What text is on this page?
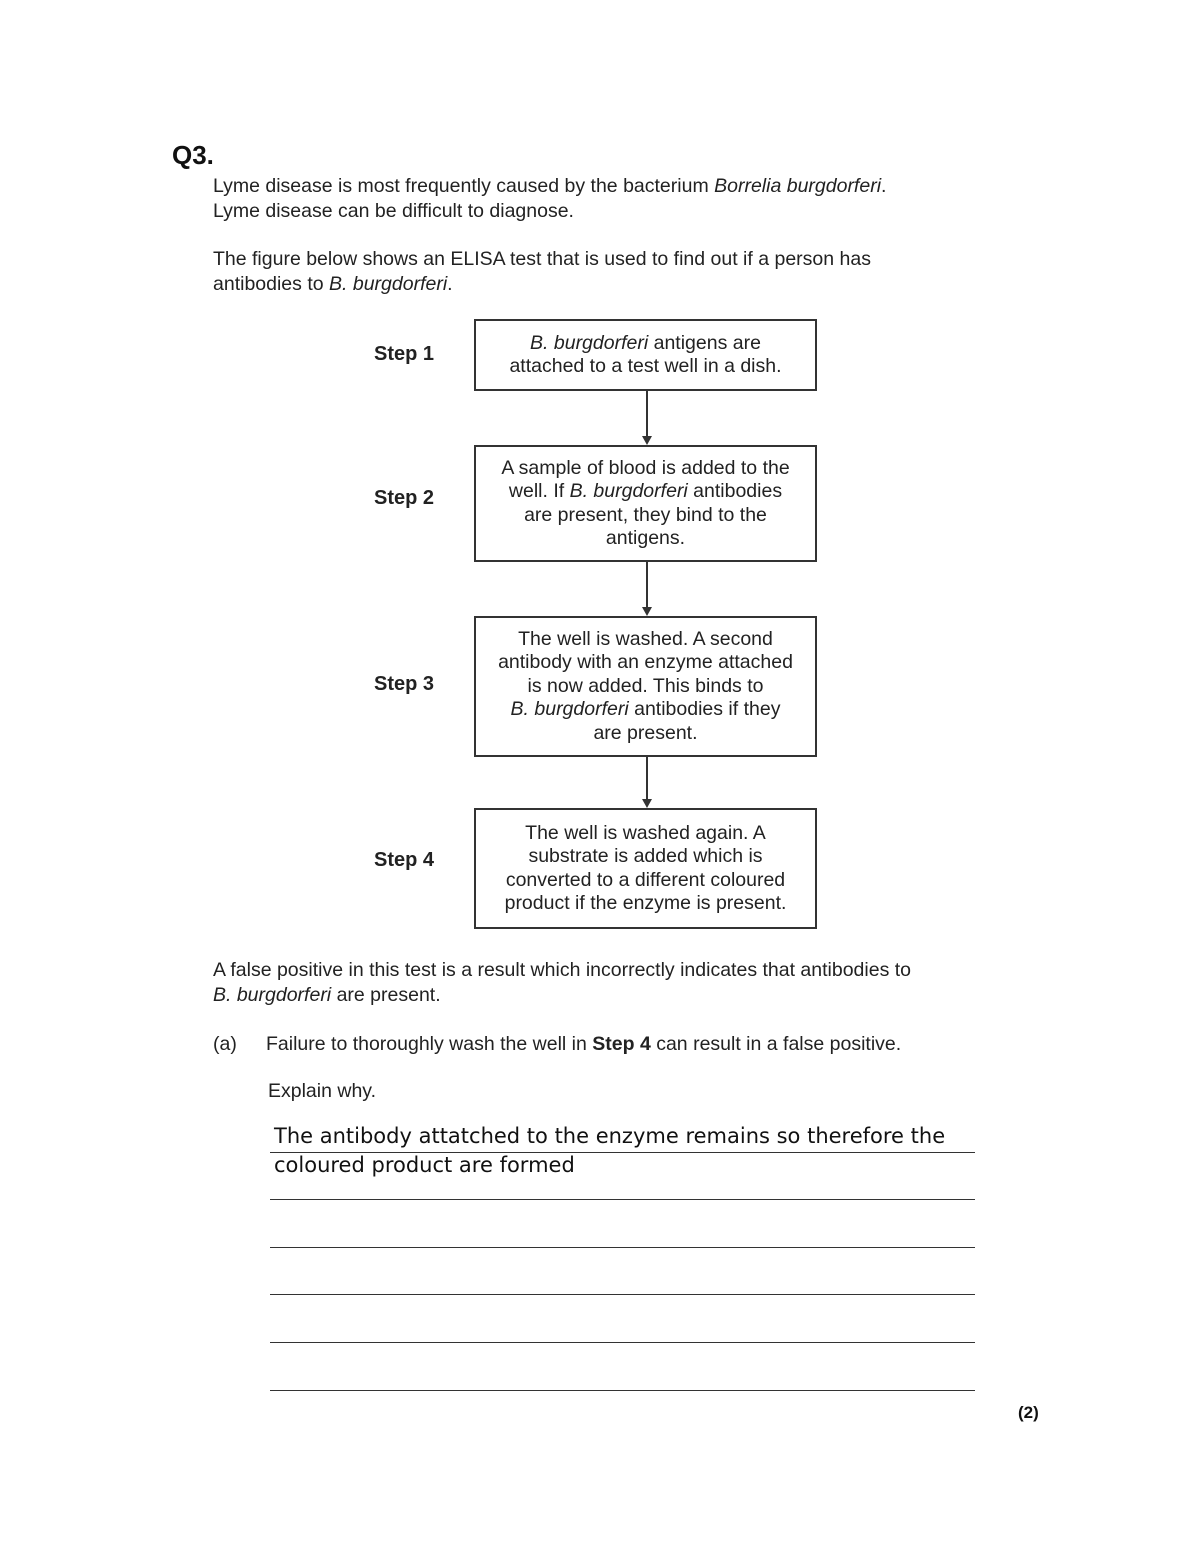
Q3.
Lyme disease is most frequently caused by the bacterium Borrelia burgdorferi.
Lyme disease can be difficult to diagnose.
The figure below shows an ELISA test that is used to find out if a person has
antibodies to B. burgdorferi.
Step 1
B. burgdorferi antigens are
attached to a test well in a dish.
Step 2
A sample of blood is added to the
well. If B. burgdorferi antibodies
are present, they bind to the
antigens.
Step 3
The well is washed. A second
antibody with an enzyme attached
is now added. This binds to
B. burgdorferi antibodies if they
are present.
Step 4
The well is washed again. A
substrate is added which is
converted to a different coloured
product if the enzyme is present.
A false positive in this test is a result which incorrectly indicates that antibodies to
B. burgdorferi are present.
(a) Failure to thoroughly wash the well in Step 4 can result in a false positive.
Explain why.
The antibody attatched to the enzyme remains so therefore the
coloured product are formed
(2)
